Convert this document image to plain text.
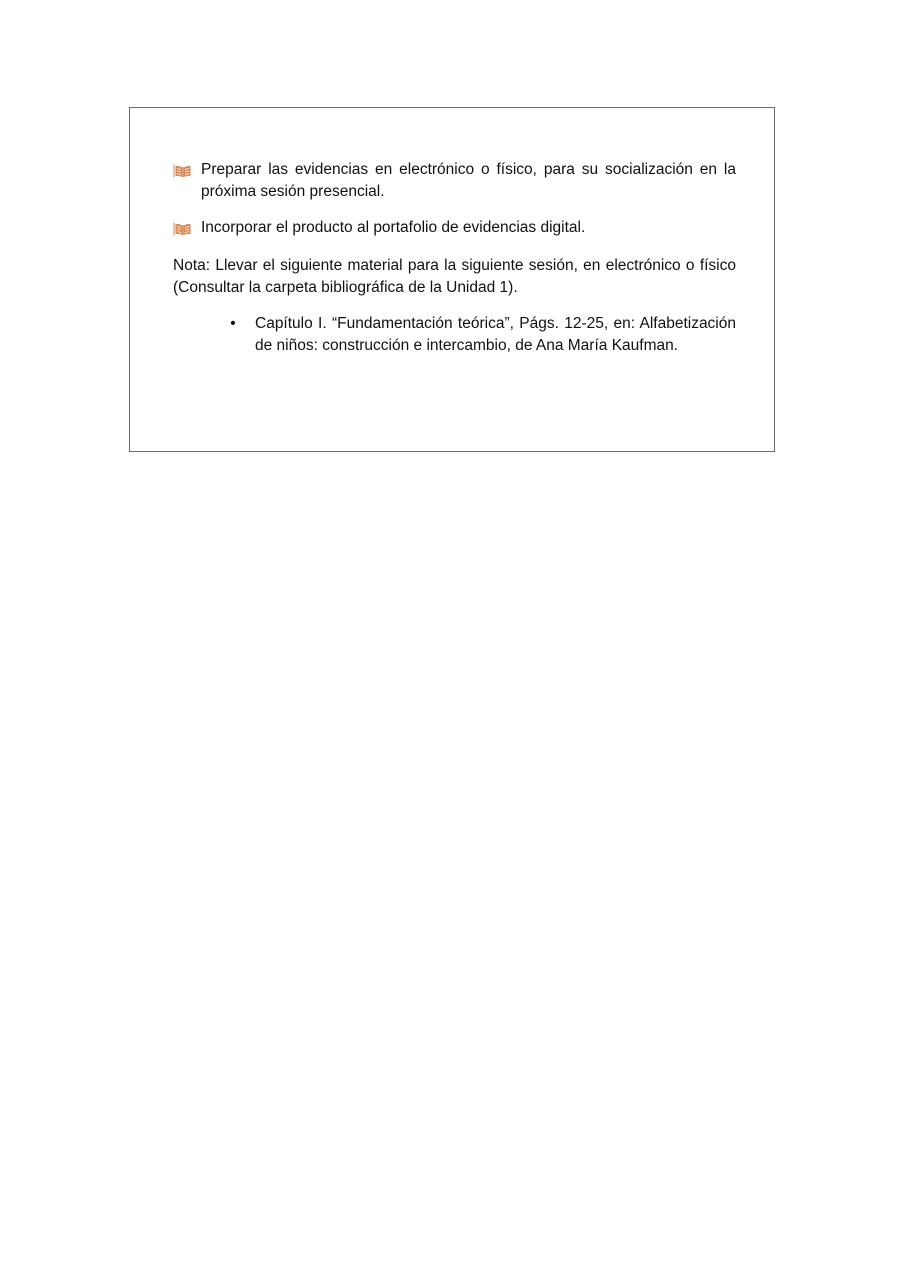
Preparar las evidencias en electrónico o físico, para su socialización en la próxima sesión presencial.
Incorporar el producto al portafolio de evidencias digital.

Nota: Llevar el siguiente material para la siguiente sesión, en electrónico o físico (Consultar la carpeta bibliográfica de la Unidad 1).

• Capítulo I. “Fundamentación teórica”, Págs. 12-25, en: Alfabetización de niños: construcción e intercambio, de Ana María Kaufman.
